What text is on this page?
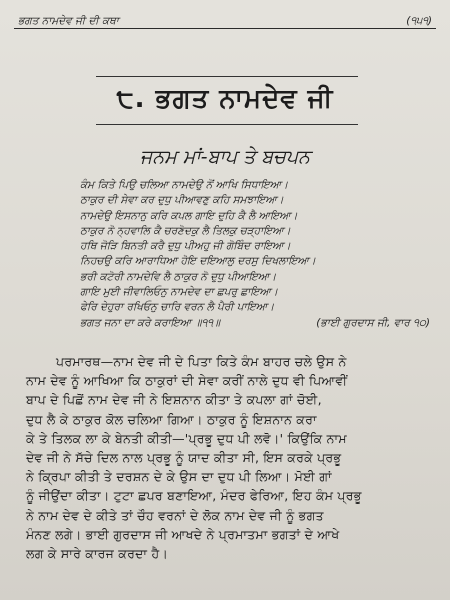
ਭਗਤ ਨਾਮਦੇਵ ਜੀ ਦੀ ਕਥਾ	(੧੫੧)
੮. ਭਗਤ ਨਾਮਦੇਵ ਜੀ
ਜਨਮ ਮਾਂ-ਬਾਪ ਤੇ ਬਚਪਨ
ਕੰਮ ਕਿਤੇ ਪਿਉ ਚਲਿਆ ਨਾਮਦੇਉ ਨੋਂ ਆਖਿ ਸਿਧਾਇਆ।
ਠਾਕੁਰ ਦੀ ਸੇਵਾ ਕਰ ਦੁਧੁ ਪੀਆਵਣੁ ਕਹਿ ਸਮਝਾਇਆ।
ਨਾਮਦੇਉ ਇਸਨਾਨੁ ਕਰਿ ਕਪਲ ਗਾਇ ਦੁਹਿ ਕੈ ਲੈ ਆਇਆ।
ਠਾਕੁਰ ਨੋ ਨ੍ਹਵਾਲਿ ਕੈ ਚਰਣੋਦਕੁ ਲੈ ਤਿਲਕੁ ਚੜ੍ਹਾਇਆ।
ਹਥਿ ਜੋੜਿ ਬਿਨਤੀ ਕਰੈ ਦੁਧੁ ਪੀਅਹੁ ਜੀ ਗੋਬਿੰਦ ਰਾਇਆ।
ਨਿਹਚਉ ਕਰਿ ਆਰਾਧਿਆ ਹੋਇ ਦਇਆਲੁ ਦਰਸੁ ਦਿਖਲਾਇਆ।
ਭਰੀ ਕਟੋਰੀ ਨਾਮਦੇਵਿ ਲੈ ਠਾਕੁਰ ਨੋ ਦੁਧੁ ਪੀਆਇਆ।
ਗਾਇ ਮੁਈ ਜੀਵਾਲਿਓਨੁ ਨਾਮਦੇਵ ਦਾ ਛਪਰੁ ਛਾਇਆ।
ਫੇਰਿ ਦੇਹੁਰਾ ਰਖਿਓਨੁ ਚਾਰਿ ਵਰਨ ਲੈ ਪੈਰੀ ਪਾਇਆ।
ਭਗਤ ਜਨਾ ਦਾ ਕਰੇ ਕਰਾਇਆ ॥੧੧॥	(ਭਾਈ ਗੁਰਦਾਸ ਜੀ, ਵਾਰ ੧੦)
ਪਰਮਾਰਥ—ਨਾਮ ਦੇਵ ਜੀ ਦੇ ਪਿਤਾ ਕਿਤੇ ਕੰਮ ਬਾਹਰ ਚਲੇ ਉਸ ਨੇ
ਨਾਮ ਦੇਵ ਨੂੰ ਆਖਿਆ ਕਿ ਠਾਕੁਰਾਂ ਦੀ ਸੇਵਾ ਕਰੀਂ ਨਾਲੇ ਦੁਧ ਵੀ ਪਿਆਵੀਂ
ਬਾਪ ਦੇ ਪਿਛੋਂ ਨਾਮ ਦੇਵ ਜੀ ਨੇ ਇਸ਼ਨਾਨ ਕੀਤਾ ਤੇ ਕਪਲਾ ਗਾਂ ਚੋਈ,
ਦੁਧ ਲੈ ਕੇ ਠਾਕੁਰ ਕੋਲ ਚਲਿਆ ਗਿਆ। ਠਾਕੁਰ ਨੂੰ ਇਸ਼ਨਾਨ ਕਰਾ
ਕੇ ਤੇ ਤਿਲਕ ਲਾ ਕੇ ਬੇਨਤੀ ਕੀਤੀ—'ਪ੍ਰਭੂ ਦੁਧ ਪੀ ਲਵੋ।' ਕਿਉਂਕਿ ਨਾਮ
ਦੇਵ ਜੀ ਨੇ ਸੱਚੇ ਦਿਲ ਨਾਲ ਪ੍ਰਭੂ ਨੂੰ ਯਾਦ ਕੀਤਾ ਸੀ, ਇਸ ਕਰਕੇ ਪ੍ਰਭੂ
ਨੇ ਕ੍ਰਿਪਾ ਕੀਤੀ ਤੇ ਦਰਸ਼ਨ ਦੇ ਕੇ ਉਸ ਦਾ ਦੁਧ ਪੀ ਲਿਆ। ਮੋਈ ਗਾਂ
ਨੂੰ ਜੀਉਂਦਾ ਕੀਤਾ। ਟੁਟਾ ਛਪਰ ਬਣਾਇਆ, ਮੰਦਰ ਫੇਰਿਆ, ਇਹ ਕੰਮ ਪ੍ਰਭੂ
ਨੇ ਨਾਮ ਦੇਵ ਦੇ ਕੀਤੇ ਤਾਂ ਚੌਹ ਵਰਨਾਂ ਦੇ ਲੋਕ ਨਾਮ ਦੇਵ ਜੀ ਨੂੰ ਭਗਤ
ਮੰਨਣ ਲਗੇ। ਭਾਈ ਗੁਰਦਾਸ ਜੀ ਆਖਦੇ ਨੇ ਪ੍ਰਮਾਤਮਾ ਭਗਤਾਂ ਦੇ ਆਖੇ
ਲਗ ਕੇ ਸਾਰੇ ਕਾਰਜ ਕਰਦਾ ਹੈ।
